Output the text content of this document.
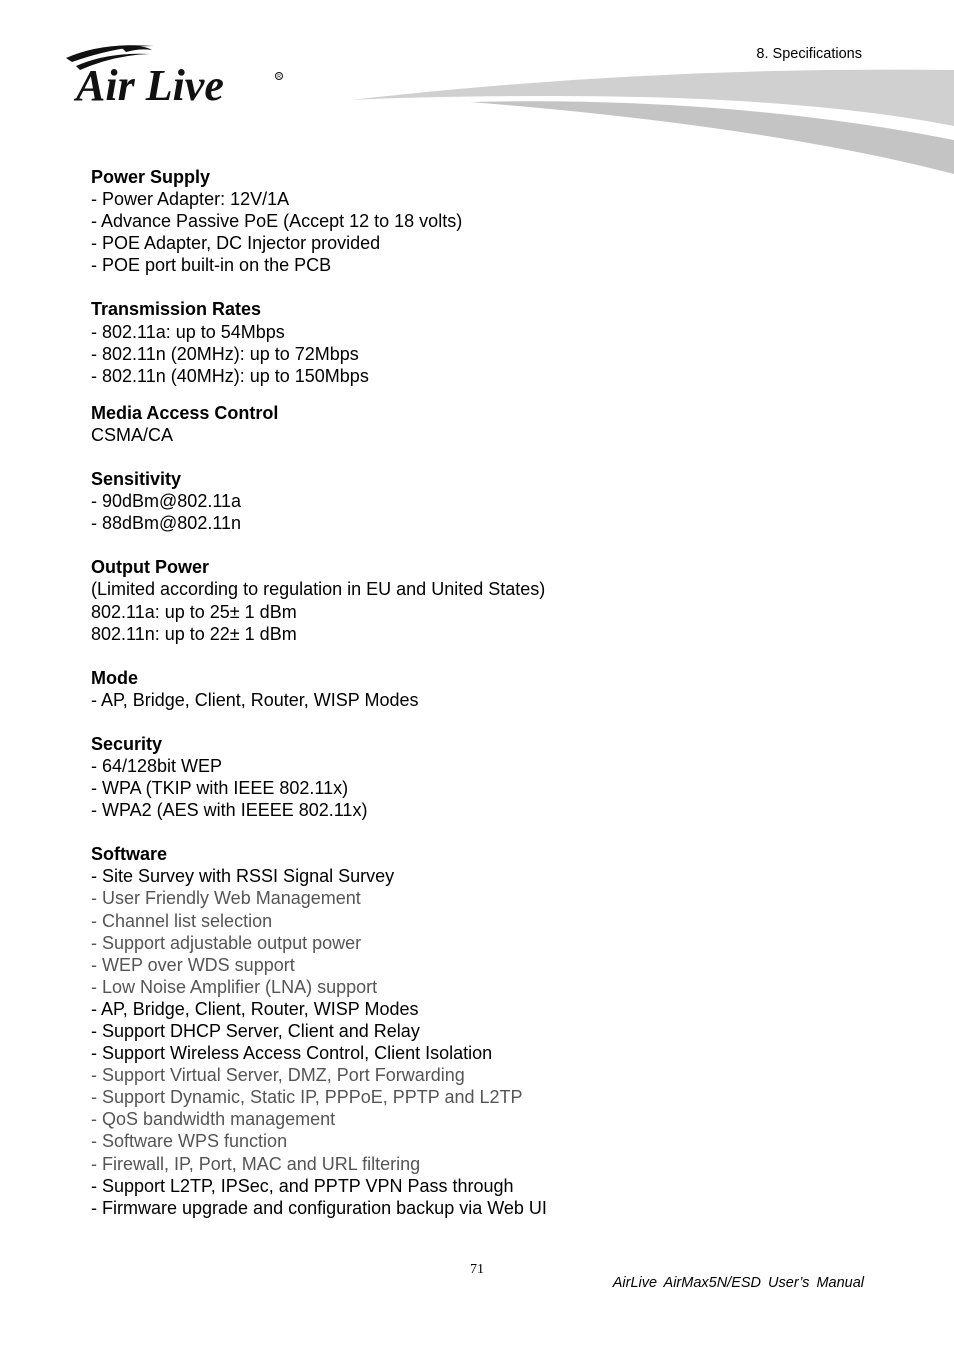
Air Live	R
8. Specifications
Power Supply
- Power Adapter: 12V/1A
- Advance Passive PoE (Accept 12 to 18 volts)
- POE Adapter, DC Injector provided
- POE port built-in on the PCB
Transmission Rates
- 802.11a: up to 54Mbps
- 802.11n (20MHz): up to 72Mbps
- 802.11n (40MHz): up to 150Mbps
Media Access Control
CSMA/CA
Sensitivity
- 90dBm@802.11a
- 88dBm@802.11n
Output Power
(Limited according to regulation in EU and United States)
802.11a: up to 25± 1 dBm
802.11n: up to 22± 1 dBm
Mode
- AP, Bridge, Client, Router, WISP Modes
Security
- 64/128bit WEP
- WPA (TKIP with IEEE 802.11x)
- WPA2 (AES with IEEEE 802.11x)
Software
- Site Survey with RSSI Signal Survey
- User Friendly Web Management
- Channel list selection
- Support adjustable output power
- WEP over WDS support
- Low Noise Amplifier (LNA) support
- AP, Bridge, Client, Router, WISP Modes
- Support DHCP Server, Client and Relay
- Support Wireless Access Control, Client Isolation
- Support Virtual Server, DMZ, Port Forwarding
- Support Dynamic, Static IP, PPPoE, PPTP and L2TP
- QoS bandwidth management
- Software WPS function
- Firewall, IP, Port, MAC and URL filtering
- Support L2TP, IPSec, and PPTP VPN Pass through
- Firmware upgrade and configuration backup via Web UI
71
AirLive AirMax5N/ESD User’s Manual
